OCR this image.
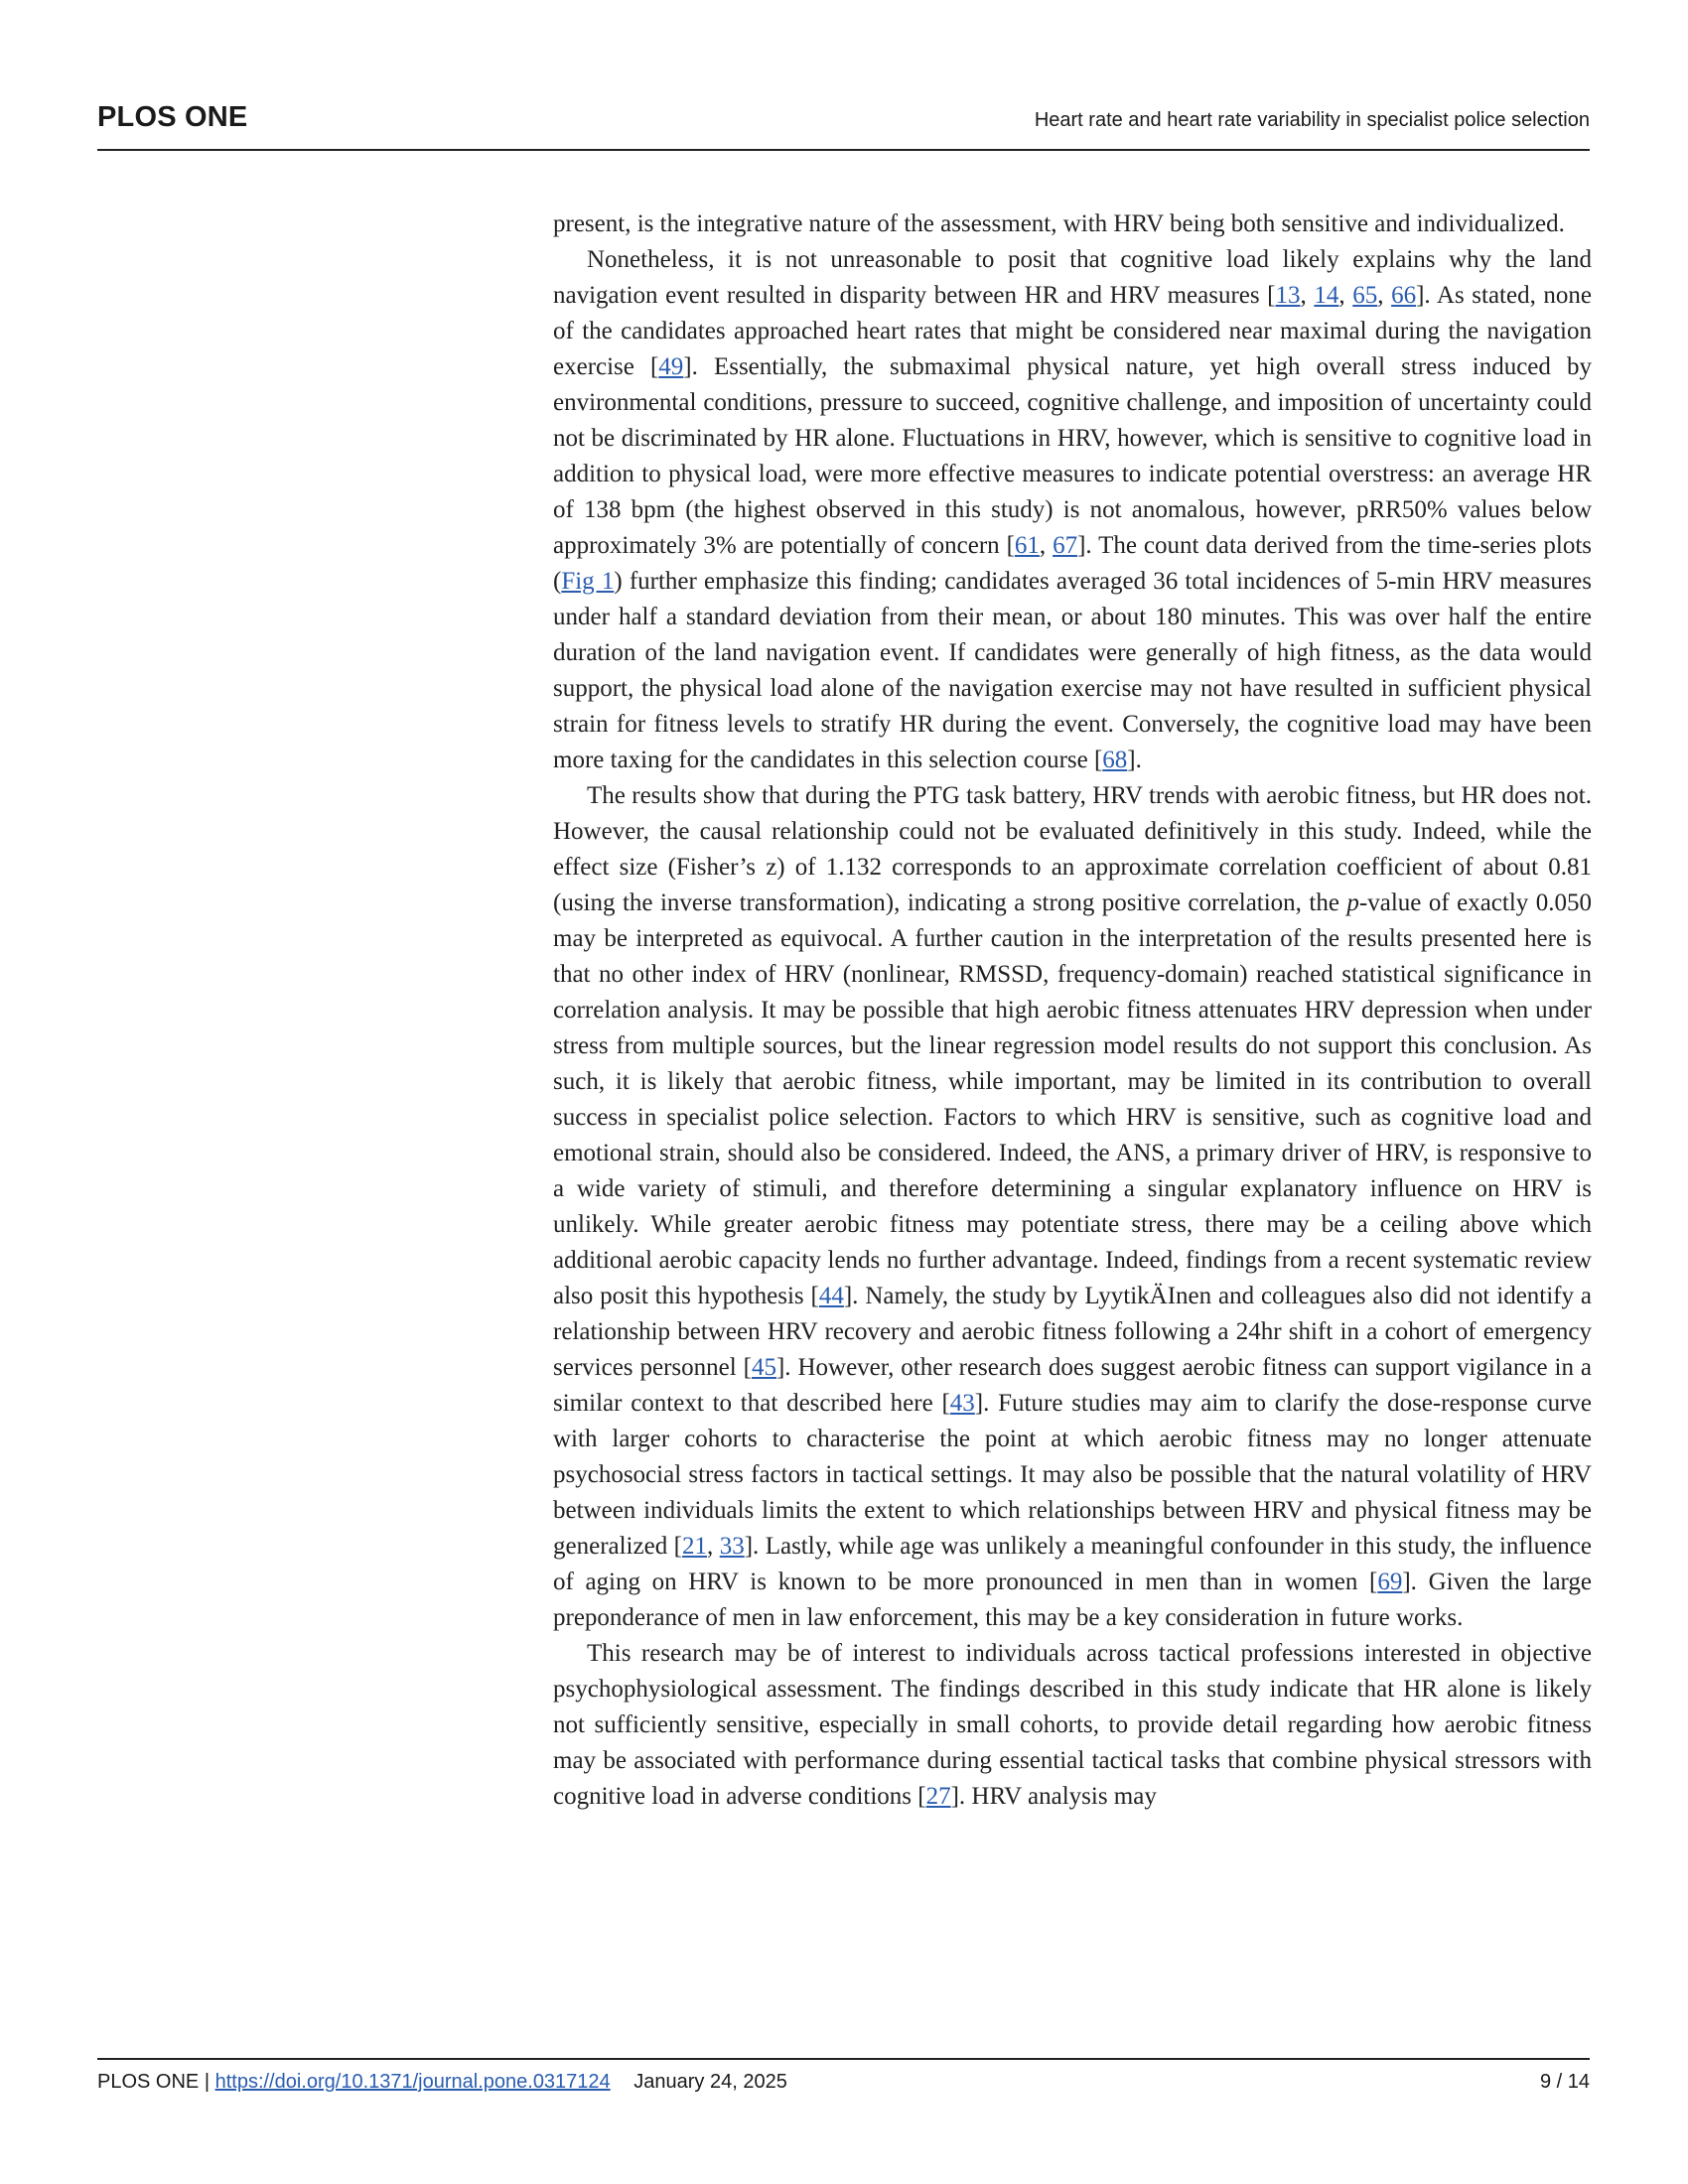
PLOS ONE	Heart rate and heart rate variability in specialist police selection

present, is the integrative nature of the assessment, with HRV being both sensitive and individualized.

Nonetheless, it is not unreasonable to posit that cognitive load likely explains why the land navigation event resulted in disparity between HR and HRV measures [13, 14, 65, 66]. As stated, none of the candidates approached heart rates that might be considered near maximal during the navigation exercise [49]. Essentially, the submaximal physical nature, yet high overall stress induced by environmental conditions, pressure to succeed, cognitive challenge, and imposition of uncertainty could not be discriminated by HR alone. Fluctuations in HRV, however, which is sensitive to cognitive load in addition to physical load, were more effective measures to indicate potential overstress: an average HR of 138 bpm (the highest observed in this study) is not anomalous, however, pRR50% values below approximately 3% are potentially of concern [61, 67]. The count data derived from the time-series plots (Fig 1) further emphasize this finding; candidates averaged 36 total incidences of 5-min HRV measures under half a standard deviation from their mean, or about 180 minutes. This was over half the entire duration of the land navigation event. If candidates were generally of high fitness, as the data would support, the physical load alone of the navigation exercise may not have resulted in sufficient physical strain for fitness levels to stratify HR during the event. Conversely, the cognitive load may have been more taxing for the candidates in this selection course [68].

The results show that during the PTG task battery, HRV trends with aerobic fitness, but HR does not. However, the causal relationship could not be evaluated definitively in this study. Indeed, while the effect size (Fisher’s z) of 1.132 corresponds to an approximate correlation coefficient of about 0.81 (using the inverse transformation), indicating a strong positive correlation, the p-value of exactly 0.050 may be interpreted as equivocal. A further caution in the interpretation of the results presented here is that no other index of HRV (nonlinear, RMSSD, frequency-domain) reached statistical significance in correlation analysis. It may be possible that high aerobic fitness attenuates HRV depression when under stress from multiple sources, but the linear regression model results do not support this conclusion. As such, it is likely that aerobic fitness, while important, may be limited in its contribution to overall success in specialist police selection. Factors to which HRV is sensitive, such as cognitive load and emotional strain, should also be considered. Indeed, the ANS, a primary driver of HRV, is responsive to a wide variety of stimuli, and therefore determining a singular explanatory influence on HRV is unlikely. While greater aerobic fitness may potentiate stress, there may be a ceiling above which additional aerobic capacity lends no further advantage. Indeed, findings from a recent systematic review also posit this hypothesis [44]. Namely, the study by LyytikÄInen and colleagues also did not identify a relationship between HRV recovery and aerobic fitness following a 24hr shift in a cohort of emergency services personnel [45]. However, other research does suggest aerobic fitness can support vigilance in a similar context to that described here [43]. Future studies may aim to clarify the dose-response curve with larger cohorts to characterise the point at which aerobic fitness may no longer attenuate psychosocial stress factors in tactical settings. It may also be possible that the natural volatility of HRV between individuals limits the extent to which relationships between HRV and physical fitness may be generalized [21, 33]. Lastly, while age was unlikely a meaningful confounder in this study, the influence of aging on HRV is known to be more pronounced in men than in women [69]. Given the large preponderance of men in law enforcement, this may be a key consideration in future works.

This research may be of interest to individuals across tactical professions interested in objective psychophysiological assessment. The findings described in this study indicate that HR alone is likely not sufficiently sensitive, especially in small cohorts, to provide detail regarding how aerobic fitness may be associated with performance during essential tactical tasks that combine physical stressors with cognitive load in adverse conditions [27]. HRV analysis may

PLOS ONE | https://doi.org/10.1371/journal.pone.0317124 January 24, 2025	9 / 14
